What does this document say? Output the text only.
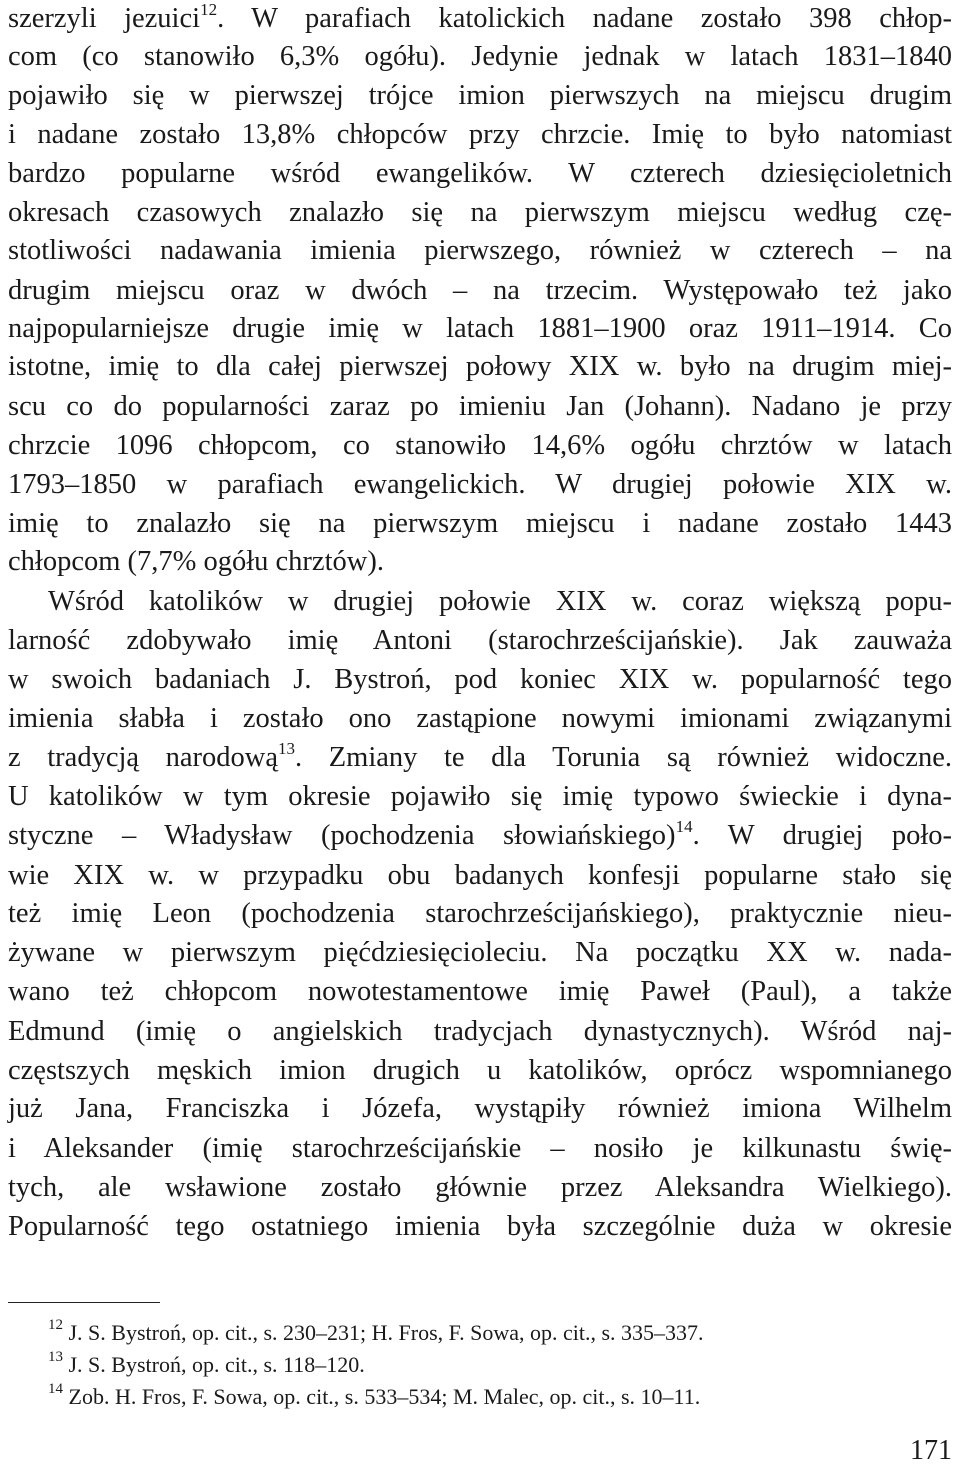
szerzyli jezuici$^{12}$. W parafiach katolickich nadane zostało 398 chłop-
com (co stanowiło 6,3% ogółu). Jedynie jednak w latach 1831–1840
pojawiło się w pierwszej trójce imion pierwszych na miejscu drugim
i nadane zostało 13,8% chłopców przy chrzcie. Imię to było natomiast
bardzo popularne wśród ewangelików. W czterech dziesięcioletnich
okresach czasowych znalazło się na pierwszym miejscu według czę-
stotliwości nadawania imienia pierwszego, również w czterech – na
drugim miejscu oraz w dwóch – na trzecim. Występowało też jako
najpopularniejsze drugie imię w latach 1881–1900 oraz 1911–1914. Co
istotne, imię to dla całej pierwszej połowy XIX w. było na drugim miej-
scu co do popularności zaraz po imieniu Jan (Johann). Nadano je przy
chrzcie 1096 chłopcom, co stanowiło 14,6% ogółu chrztów w latach
1793–1850 w parafiach ewangelickich. W drugiej połowie XIX w.
imię to znalazło się na pierwszym miejscu i nadane zostało 1443
chłopcom (7,7% ogółu chrztów).
Wśród katolików w drugiej połowie XIX w. coraz większą popu-
larność zdobywało imię Antoni (starochrześcijańskie). Jak zauważa
w swoich badaniach J. Bystroń, pod koniec XIX w. popularność tego
imienia słabła i zostało ono zastąpione nowymi imionami związanymi
z tradycją narodową$^{13}$. Zmiany te dla Torunia są również widoczne.
U katolików w tym okresie pojawiło się imię typowo świeckie i dyna-
styczne – Władysław (pochodzenia słowiańskiego)$^{14}$. W drugiej poło-
wie XIX w. w przypadku obu badanych konfesji popularne stało się
też imię Leon (pochodzenia starochrześcijańskiego), praktycznie nieu-
żywane w pierwszym pięćdziesięcioleciu. Na początku XX w. nada-
wano też chłopcom nowotestamentowe imię Paweł (Paul), a także
Edmund (imię o angielskich tradycjach dynastycznych). Wśród naj-
częstszych męskich imion drugich u katolików, oprócz wspomnianego
już Jana, Franciszka i Józefa, wystąpiły również imiona Wilhelm
i Aleksander (imię starochrześcijańskie – nosiło je kilkunastu świę-
tych, ale wsławione zostało głównie przez Aleksandra Wielkiego).
Popularność tego ostatniego imienia była szczególnie duża w okresie
$^{12}$ J. S. Bystroń, op. cit., s. 230–231; H. Fros, F. Sowa, op. cit., s. 335–337.
$^{13}$ J. S. Bystroń, op. cit., s. 118–120.
$^{14}$ Zob. H. Fros, F. Sowa, op. cit., s. 533–534; M. Malec, op. cit., s. 10–11.
171
